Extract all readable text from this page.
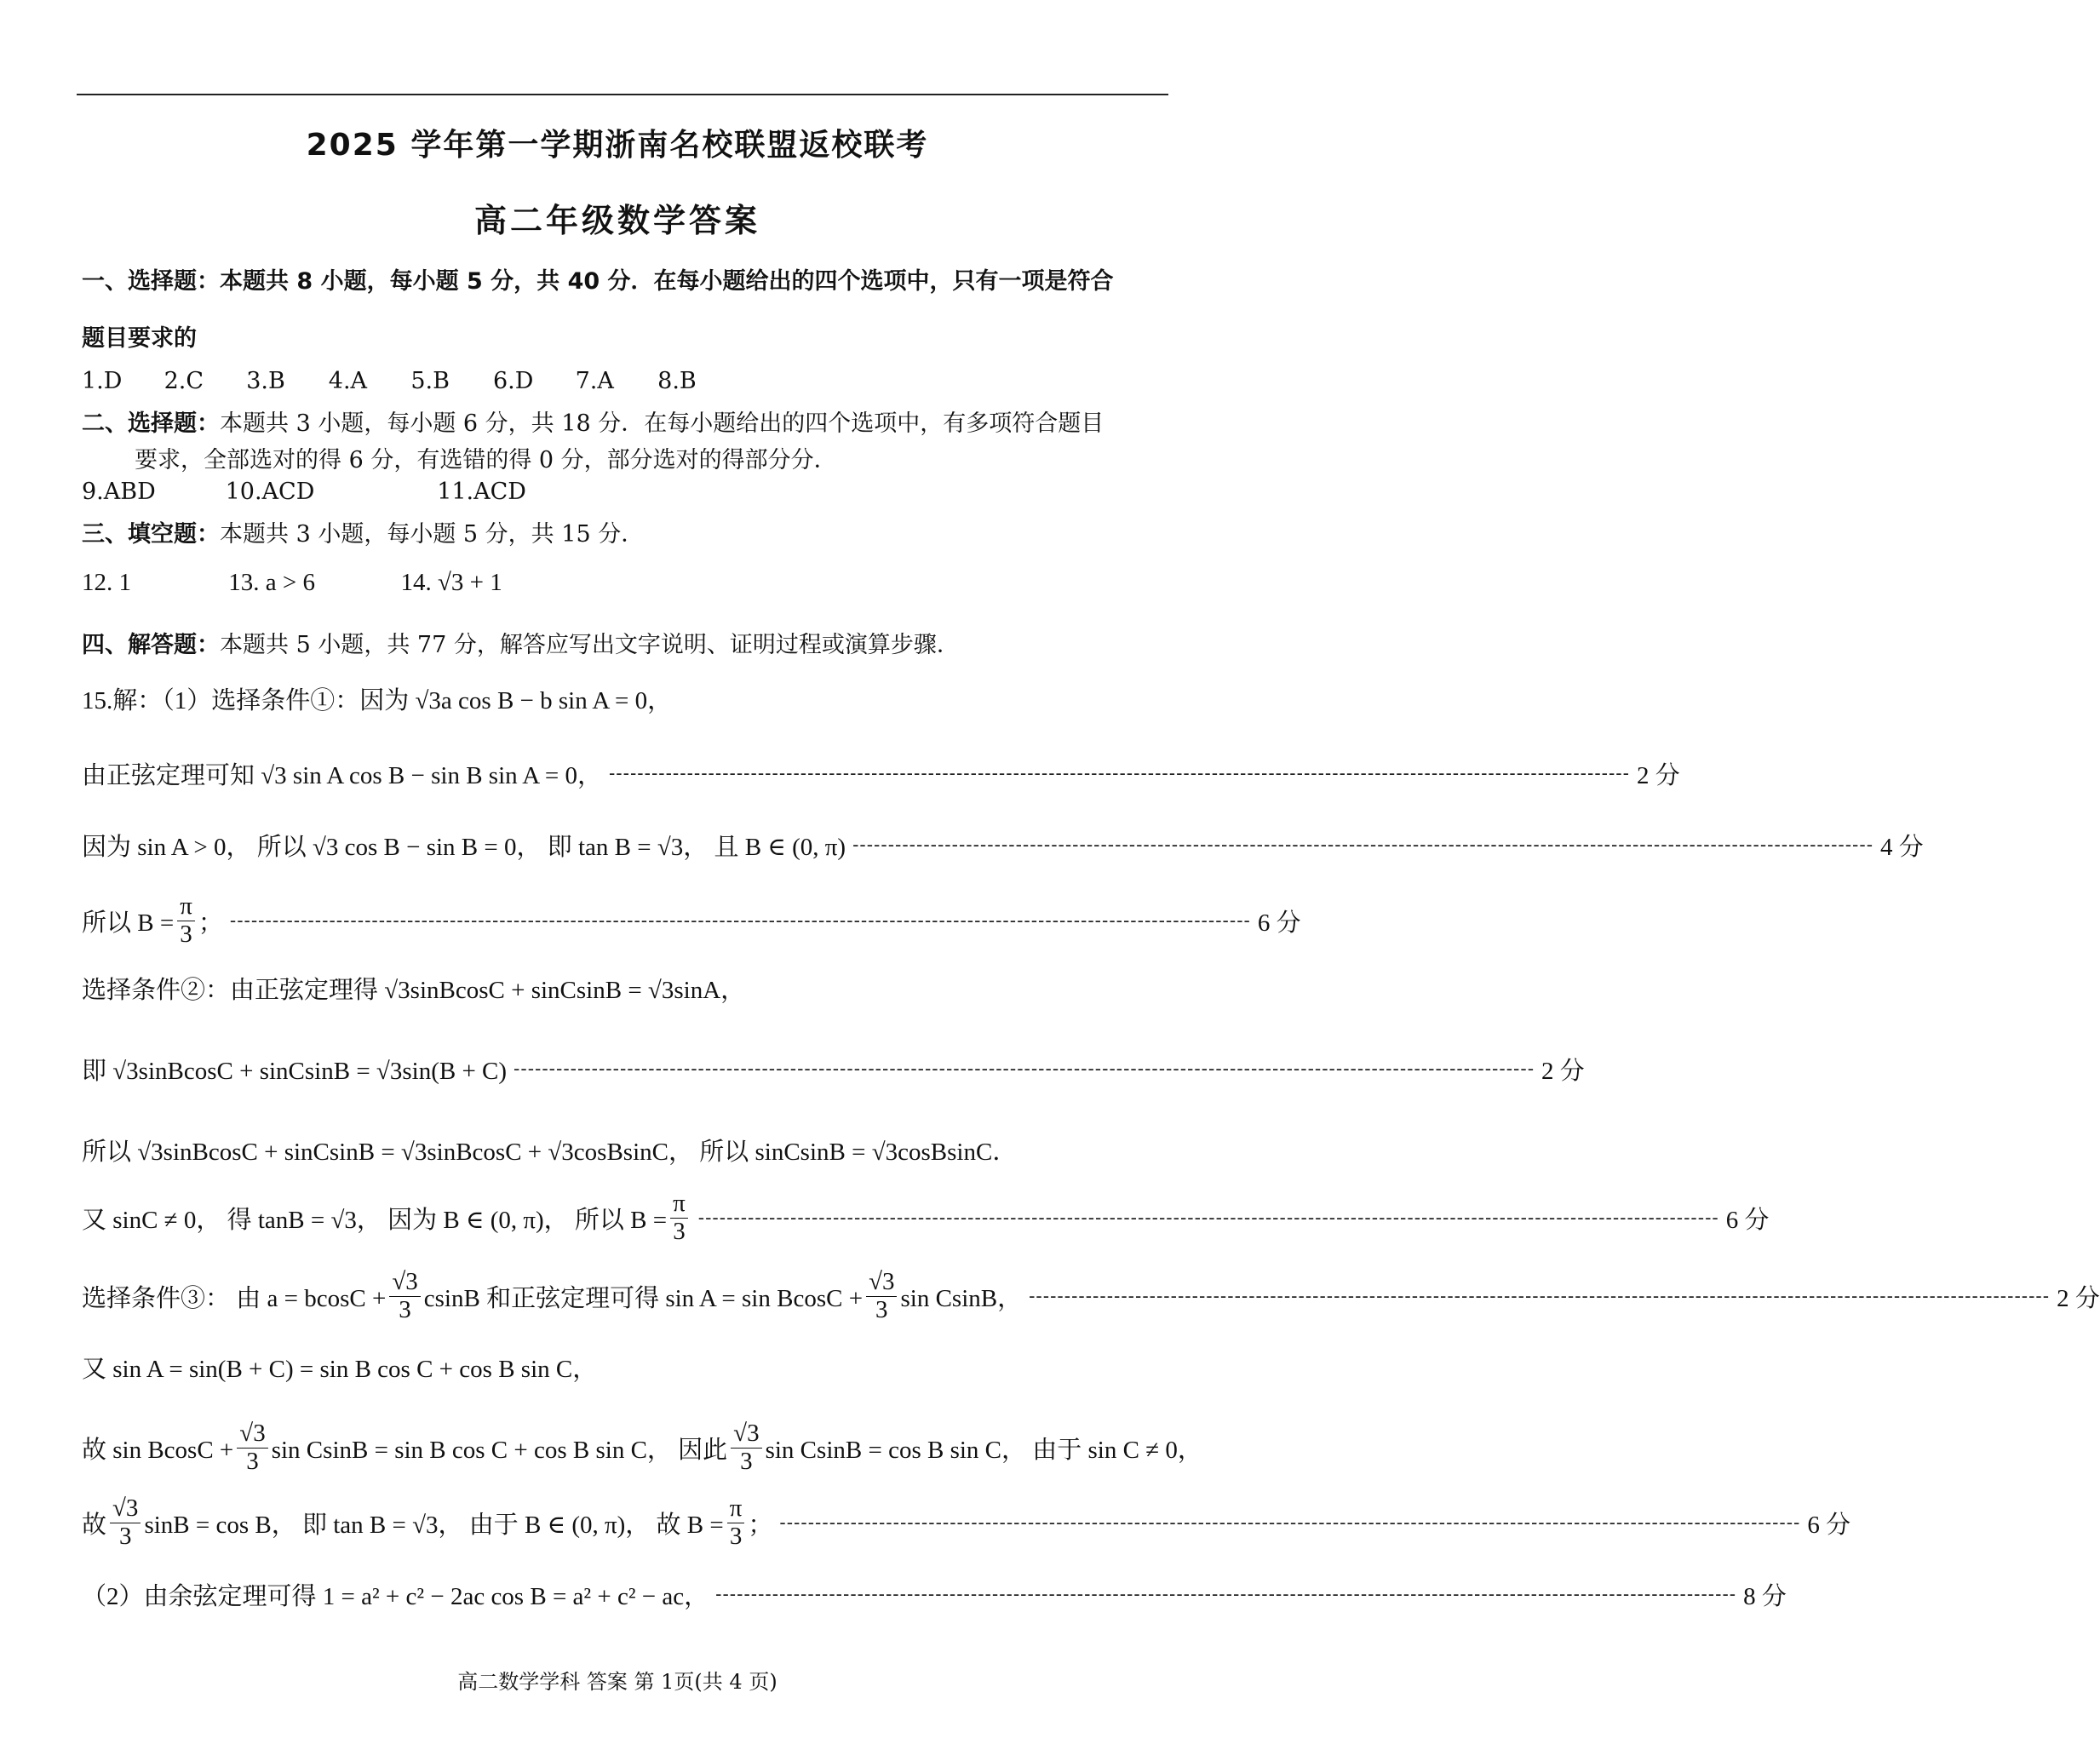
2025 学年第一学期浙南名校联盟返校联考
高二年级数学答案
一、选择题：本题共 8 小题，每小题 5 分，共 40 分．在每小题给出的四个选项中，只有一项是符合
题目要求的
1.D 2.C 3.B 4.A 5.B 6.D 7.A 8.B
二、选择题：本题共 3 小题，每小题 6 分，共 18 分．在每小题给出的四个选项中，有多项符合题目
要求，全部选对的得 6 分，有选错的得 0 分，部分选对的得部分分．
9.ABD	10.ACD	11.ACD
三、填空题：本题共 3 小题，每小题 5 分，共 15 分．
12. 1	13. a > 6	14. √3 + 1
四、解答题：本题共 5 小题，共 77 分，解答应写出文字说明、证明过程或演算步骤．
15.解：（1）选择条件①：因为 √3a cos B − b sin A = 0，
由正弦定理可知 √3 sin A cos B − sin B sin A = 0， ------------------------------------------------------------------------------------------------------------------------------------------------ 2 分
因为 sin A > 0， 所以 √3 cos B − sin B = 0， 即 tan B = √3， 且 B ∈ (0, π) ------------------------------------------------------------------------------------------------------------------------------------------------ 4 分
所以 $B = \frac{\pi}{3}$ ； ------------------------------------------------------------------------------------------------------------------------------------------------ 6 分
选择条件②：由正弦定理得 √3sinBcosC + sinCsinB = √3sinA，
即 √3sinBcosC + sinCsinB = √3sin(B + C) ------------------------------------------------------------------------------------------------------------------------------------------------ 2 分
所以 √3sinBcosC + sinCsinB = √3sinBcosC + √3cosBsinC， 所以 sinCsinB = √3cosBsinC．
又 sinC ≠ 0， 得 tanB = √3， 因为 B ∈ (0, π)， 所以 $B = \frac{\pi}{3}$ ------------------------------------------------------------------------------------------------------------------------------------------------ 6 分
选择条件③： 由 $a = bcosC + \frac{√3}{3}$ csinB 和正弦定理可得 $\sin A = \sin BcosC + \frac{√3}{3}$ sin CsinB， ------------------------------------------------------------------------------------------------------------------------------------------------ 2 分
又 sin A = sin(B + C) = sin B cos C + cos B sin C，
故 $\sin BcosC + \frac{√3}{3}$ sin CsinB = sin B cos C + cos B sin C， 因此 $\frac{√3}{3}$ sin CsinB = cos B sin C， 由于 sin C ≠ 0，
故 $\frac{√3}{3}$ sinB = cos B， 即 tan B = √3， 由于 B ∈ (0, π)， 故 $B = \frac{\pi}{3}$ ； ------------------------------------------------------------------------------------------------------------------------------------------------ 6 分
（2）由余弦定理可得 1 = a² + c² − 2ac cos B = a² + c² − ac， ------------------------------------------------------------------------------------------------------------------------------------------------ 8 分
高二数学学科 答案 第 1页(共 4 页)
